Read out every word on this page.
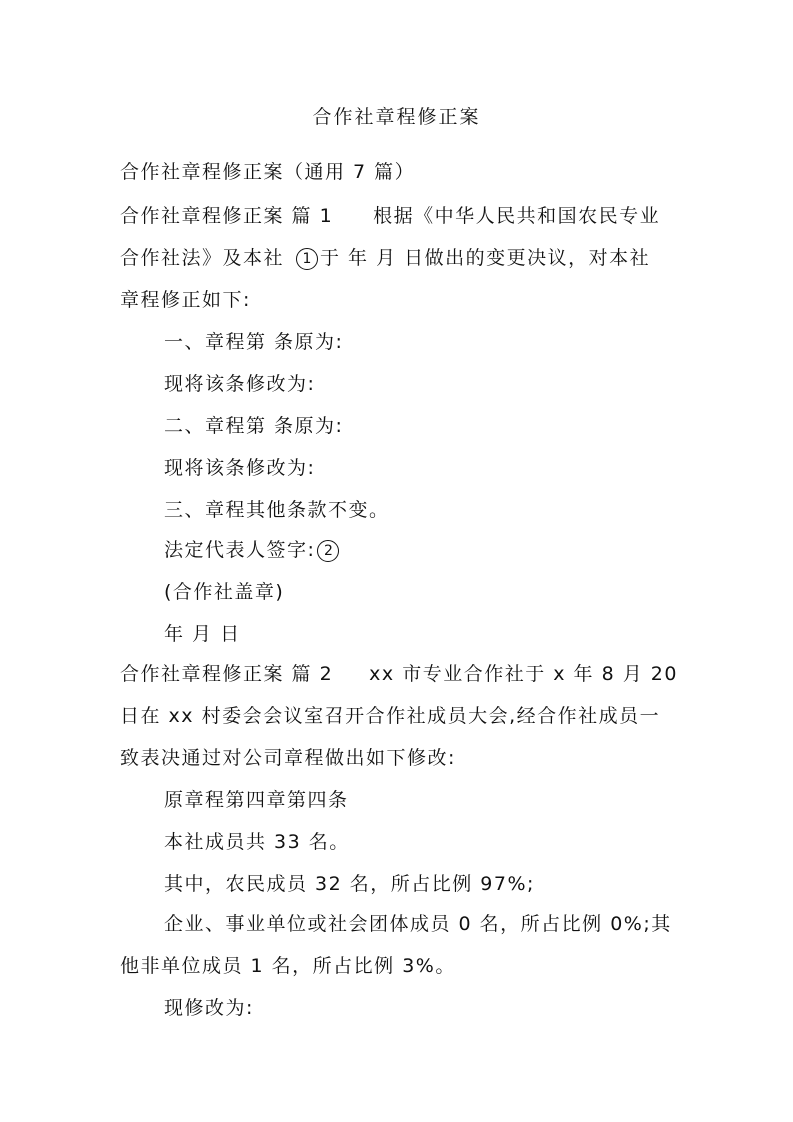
合作社章程修正案
合作社章程修正案（通用 7 篇）
合作社章程修正案 篇 1 根据《中华人民共和国农民专业
合作社法》及本社 1 于 年 月 日做出的变更决议，对本社
章程修正如下:
一、章程第 条原为:
现将该条修改为:
二、章程第 条原为:
现将该条修改为:
三、章程其他条款不变。
法定代表人签字: 2
(合作社盖章)
年 月 日
合作社章程修正案 篇 2 xx 市专业合作社于 x 年 8 月 20
日在 xx 村委会会议室召开合作社成员大会,经合作社成员一
致表决通过对公司章程做出如下修改:
原章程第四章第四条
本社成员共 33 名。
其中，农民成员 32 名，所占比例 97%;
企业、事业单位或社会团体成员 0 名，所占比例 0%;其
他非单位成员 1 名，所占比例 3%。
现修改为:
